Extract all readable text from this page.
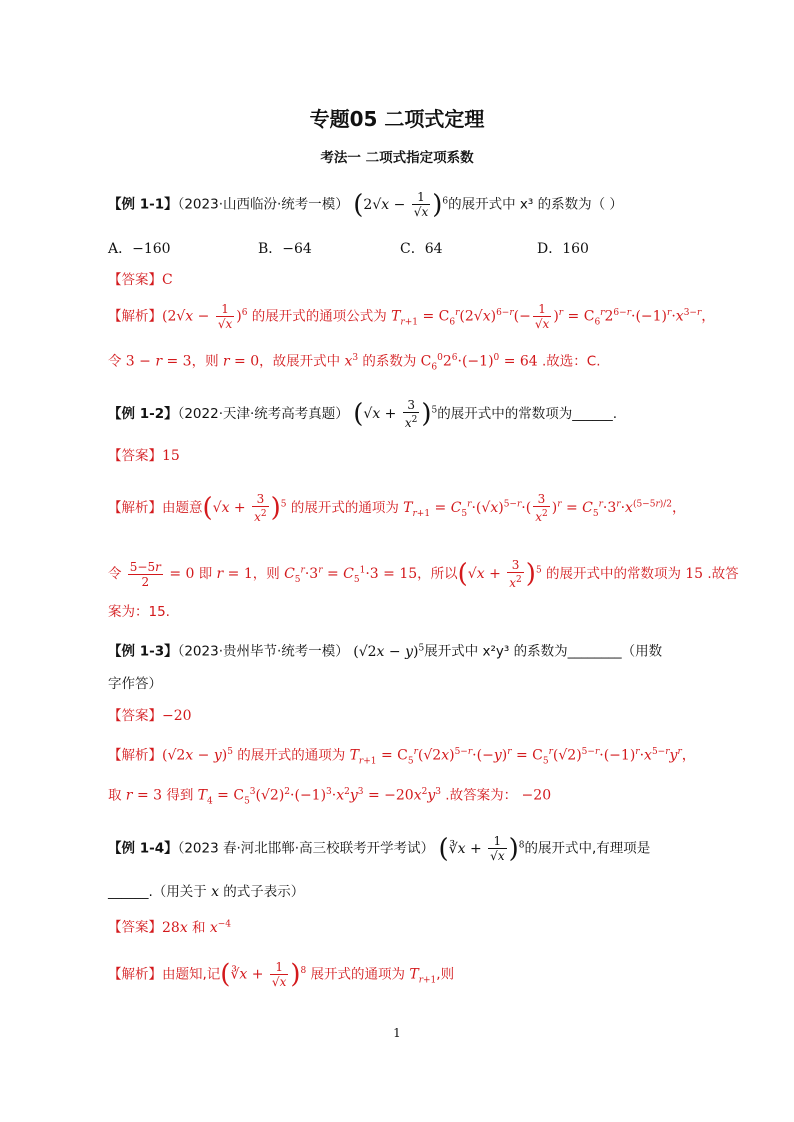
专题05 二项式定理
考法一 二项式指定项系数
【例 1-1】（2023·山西临汾·统考一模） $(2√x - \frac{1}{√x} )^6$的展开式中 x³ 的系数为（ ）
A．−160	B．−64	C．64	D．160
【答案】C
【解析】$(2√x - \frac{1}{√x} )^6$ 的展开式的通项公式为 $T_{r+1} = C_6^r(2√x)^{6-r}(- \frac{1}{√x} )^r = C_6^r2^{6-r}\cdot(-1)^r\cdot x^{3-r}$，
令 3 − r = 3，则 r = 0，故展开式中 $x^3$ 的系数为 $C_6^02^6\cdot(-1)^0 = 64$ .故选：C.
【例 1-2】（2022·天津·统考高考真题） $(√x + \frac{3}{x^2} )^5$的展开式中的常数项为______.
【答案】15
【解析】由题意$(√x + \frac{3}{x^2} )^5$ 的展开式的通项为 $T_{r+1} = C_5^r\cdot(√x)^{5-r}\cdot( \frac{3}{x^2} )^r = C_5^r\cdot 3^r\cdot x^{(5-5r)/2}$，
令 $\frac{5-5r}{2} = 0$ 即 r = 1，则 $C_5^r\cdot 3^r = C_5^1\cdot 3 = 15$，所以$(√x + \frac{3}{x^2} )^5$ 的展开式中的常数项为 15 .故答
案为：15.
【例 1-3】（2023·贵州毕节·统考一模） $(√2x - y)^5$展开式中 x²y³ 的系数为________（用数
字作答）
【答案】−20
【解析】$(√2x - y)^5$ 的展开式的通项为 $T_{r+1} = C_5^r(√2x)^{5-r}\cdot(-y)^r = C_5^r(√2)^{5-r}\cdot(-1)^r\cdot x^{5-r}y^r$，
取 r = 3 得到 $T_4 = C_5^3(√2)^2\cdot(-1)^3\cdot x^2y^3 = -20x^2y^3$ .故答案为： −20
【例 1-4】（2023 春·河北邯郸·高三校联考开学考试） (∛x + $\frac{1}{√x} )^8$的展开式中,有理项是
______.（用关于 x 的式子表示）
【答案】28x 和 $x^{-4}$
【解析】由题知,记(∛x + $\frac{1}{√x} )^8$ 展开式的通项为 $T_{r+1}$,则
1
